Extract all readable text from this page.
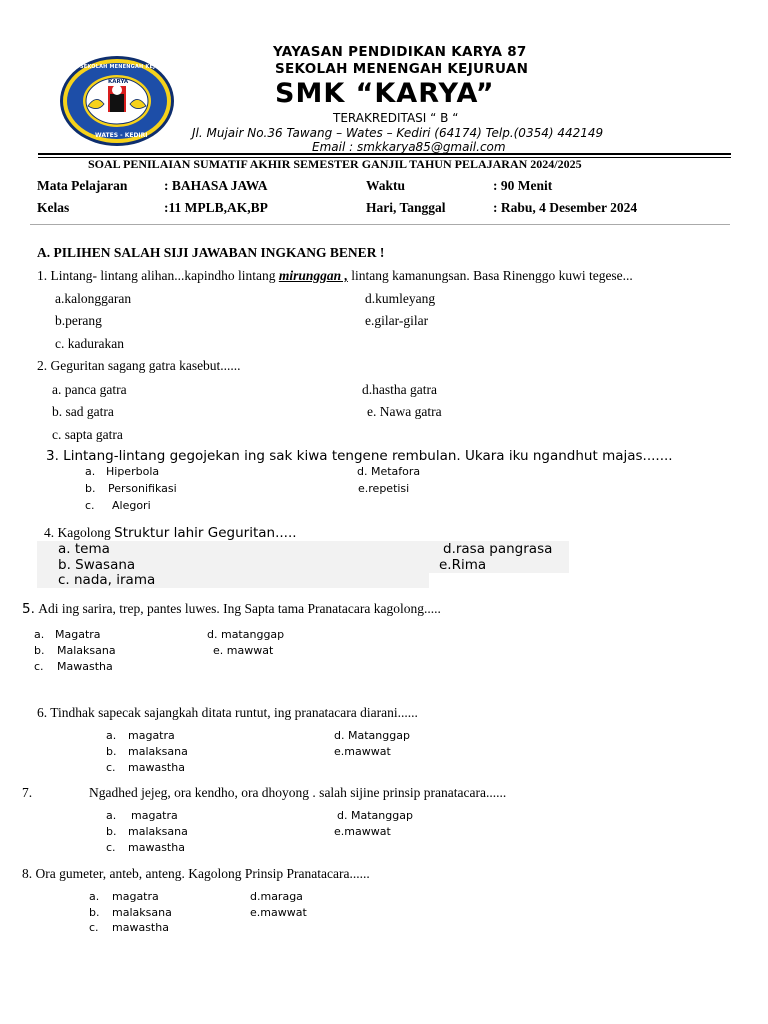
SEKOLAH MENENGAH KEJURUAN
KARYA
WATES - KEDIRI
YAYASAN PENDIDIKAN KARYA 87
SEKOLAH MENENGAH KEJURUAN
SMK “KARYA”
TERAKREDITASI “ B “
Jl. Mujair No.36 Tawang – Wates – Kediri (64174) Telp.(0354) 442149
Email : smkkarya85@gmail.com
SOAL PENILAIAN SUMATIF AKHIR SEMESTER GANJIL TAHUN PELAJARAN 2024/2025
Mata Pelajaran	: BAHASA JAWA	Waktu	: 90 Menit
Kelas	:11 MPLB,AK,BP	Hari, Tanggal	: Rabu, 4 Desember 2024
A. PILIHEN SALAH SIJI JAWABAN INGKANG BENER !
1. Lintang- lintang alihan...kapindho lintang mirunggan , lintang kamanungsan. Basa Rinenggo kuwi tegese...
a.kalonggaran	d.kumleyang
b.perang	e.gilar-gilar
c. kadurakan
2. Geguritan sagang gatra kasebut......
a. panca gatra	d.hastha gatra
b. sad gatra	e. Nawa gatra
c. sapta gatra
3. Lintang-lintang gegojekan ing sak kiwa tengene rembulan. Ukara iku ngandhut majas.......
a. Hiperbola	d. Metafora
b. Personifikasi	e.repetisi
c. Alegori
4. Kagolong Struktur lahir Geguritan.....
a. tema	d.rasa pangrasa
b. Swasana	e.Rima
c. nada, irama
5. Adi ing sarira, trep, pantes luwes. Ing Sapta tama Pranatacara kagolong.....
a. Magatra	d. matanggap
b. Malaksana	e. mawwat
c. Mawastha
6. Tindhak sapecak sajangkah ditata runtut, ing pranatacara diarani......
a. magatra	d. Matanggap
b. malaksana	e.mawwat
c. mawastha
7.	Ngadhed jejeg, ora kendho, ora dhoyong . salah sijine prinsip pranatacara......
a. magatra	d. Matanggap
b. malaksana	e.mawwat
c. mawastha
8. Ora gumeter, anteb, anteng. Kagolong Prinsip Pranatacara......
a. magatra	d.maraga
b. malaksana	e.mawwat
c. mawastha
